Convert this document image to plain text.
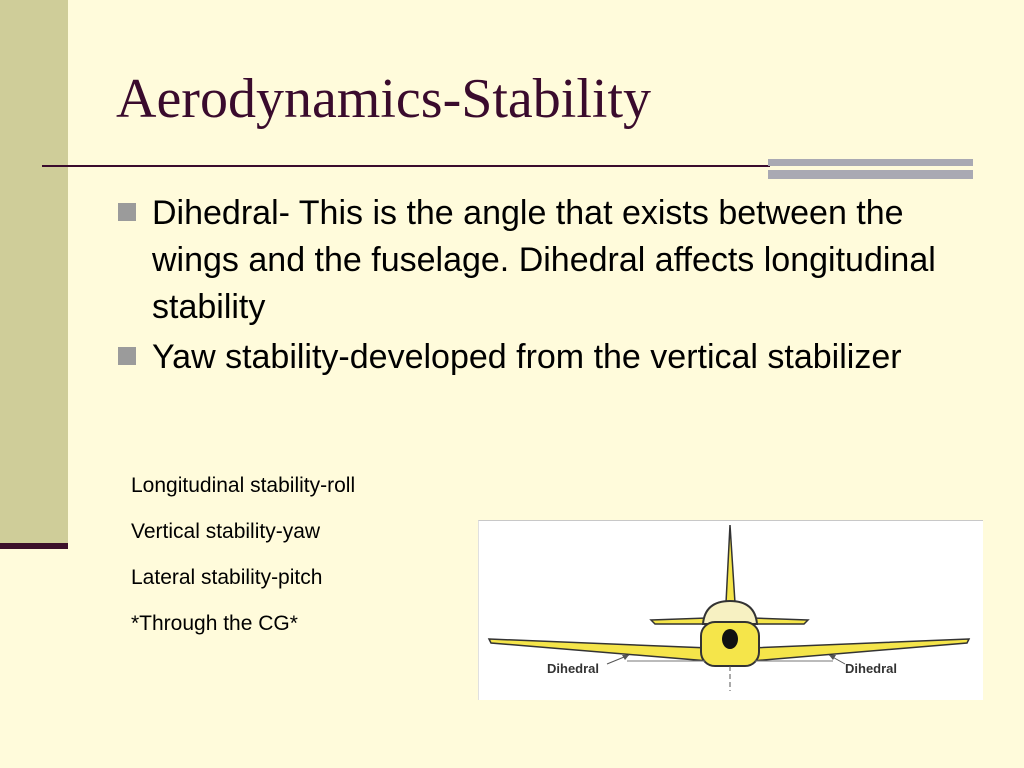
Aerodynamics-Stability
Dihedral- This is the angle that exists between the wings and the fuselage. Dihedral affects longitudinal stability
Yaw stability-developed from the vertical stabilizer
Longitudinal stability-roll
Vertical stability-yaw
Lateral stability-pitch
*Through the CG*
Dihedral	Dihedral
